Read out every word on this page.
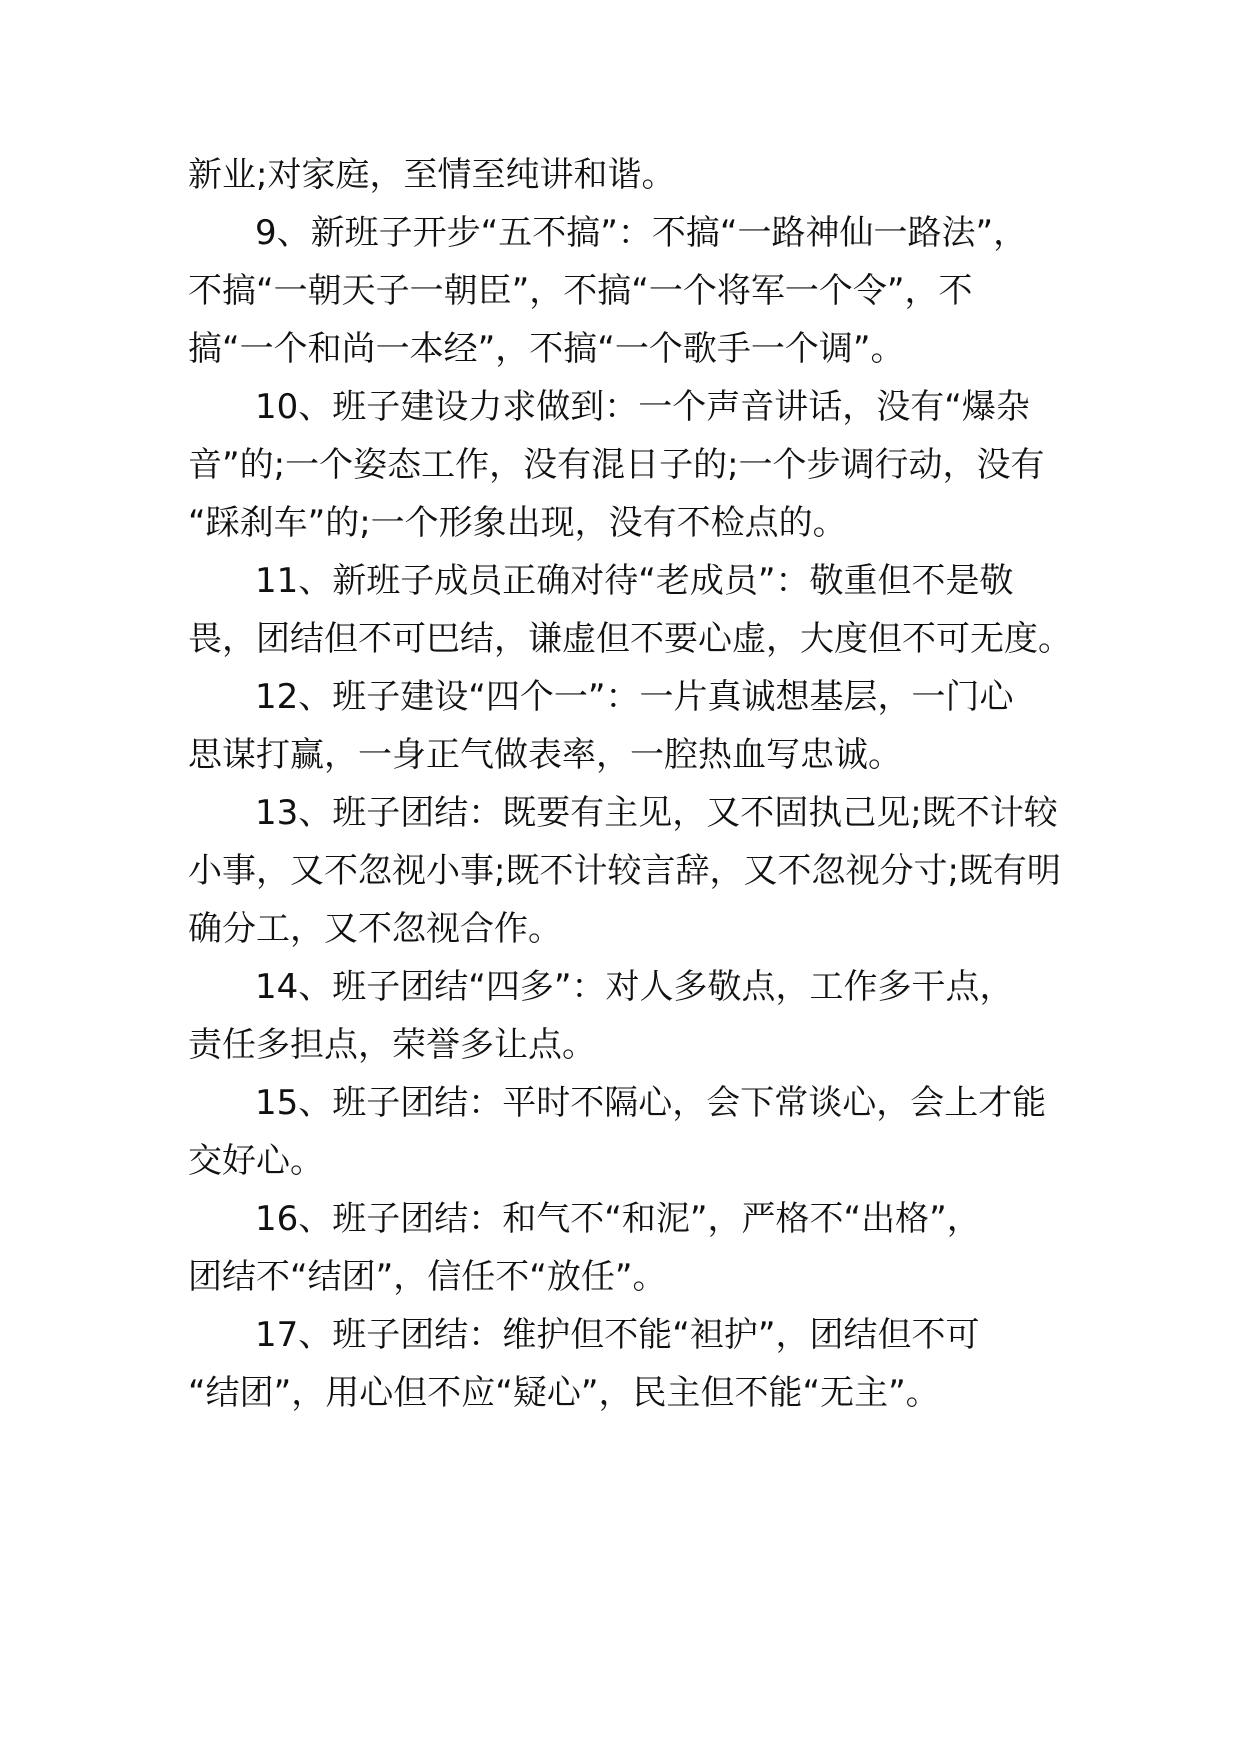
新业;对家庭，至情至纯讲和谐。
9、新班子开步“五不搞”：不搞“一路神仙一路法”，
不搞“一朝天子一朝臣”，不搞“一个将军一个令”，不
搞“一个和尚一本经”，不搞“一个歌手一个调”。
10、班子建设力求做到：一个声音讲话，没有“爆杂
音”的;一个姿态工作，没有混日子的;一个步调行动，没有
“踩刹车”的;一个形象出现，没有不检点的。
11、新班子成员正确对待“老成员”：敬重但不是敬
畏，团结但不可巴结，谦虚但不要心虚，大度但不可无度。
12、班子建设“四个一”：一片真诚想基层，一门心
思谋打赢，一身正气做表率，一腔热血写忠诚。
13、班子团结：既要有主见，又不固执己见;既不计较
小事，又不忽视小事;既不计较言辞，又不忽视分寸;既有明
确分工，又不忽视合作。
14、班子团结“四多”：对人多敬点，工作多干点，
责任多担点，荣誉多让点。
15、班子团结：平时不隔心，会下常谈心，会上才能
交好心。
16、班子团结：和气不“和泥”，严格不“出格”，
团结不“结团”，信任不“放任”。
17、班子团结：维护但不能“袒护”，团结但不可
“结团”，用心但不应“疑心”，民主但不能“无主”。
